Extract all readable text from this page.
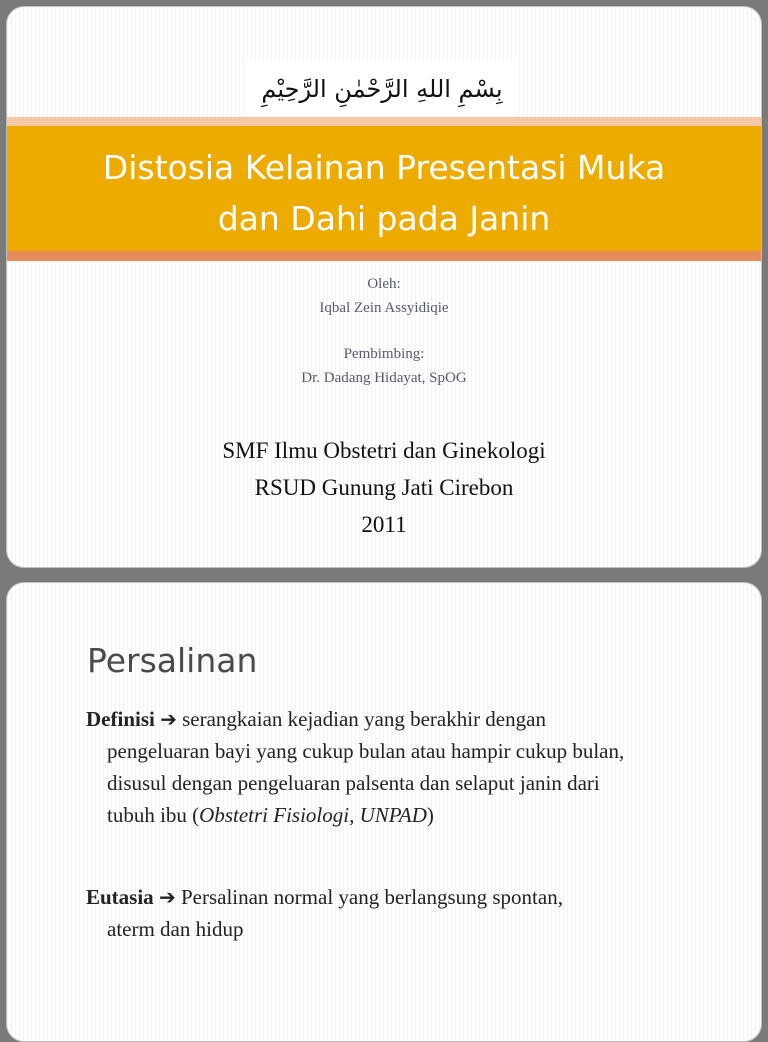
بِسْمِ اللهِ الرَّحْمٰنِ الرَّحِيْمِ
Distosia Kelainan Presentasi Muka
dan Dahi pada Janin
Oleh:
Iqbal Zein Assyidiqie
Pembimbing:
Dr. Dadang Hidayat, SpOG
SMF Ilmu Obstetri dan Ginekologi
RSUD Gunung Jati Cirebon
2011
Persalinan
Definisi ➔ serangkaian kejadian yang berakhir dengan
pengeluaran bayi yang cukup bulan atau hampir cukup bulan,
disusul dengan pengeluaran palsenta dan selaput janin dari
tubuh ibu (Obstetri Fisiologi, UNPAD)
Eutasia ➔ Persalinan normal yang berlangsung spontan,
aterm dan hidup
